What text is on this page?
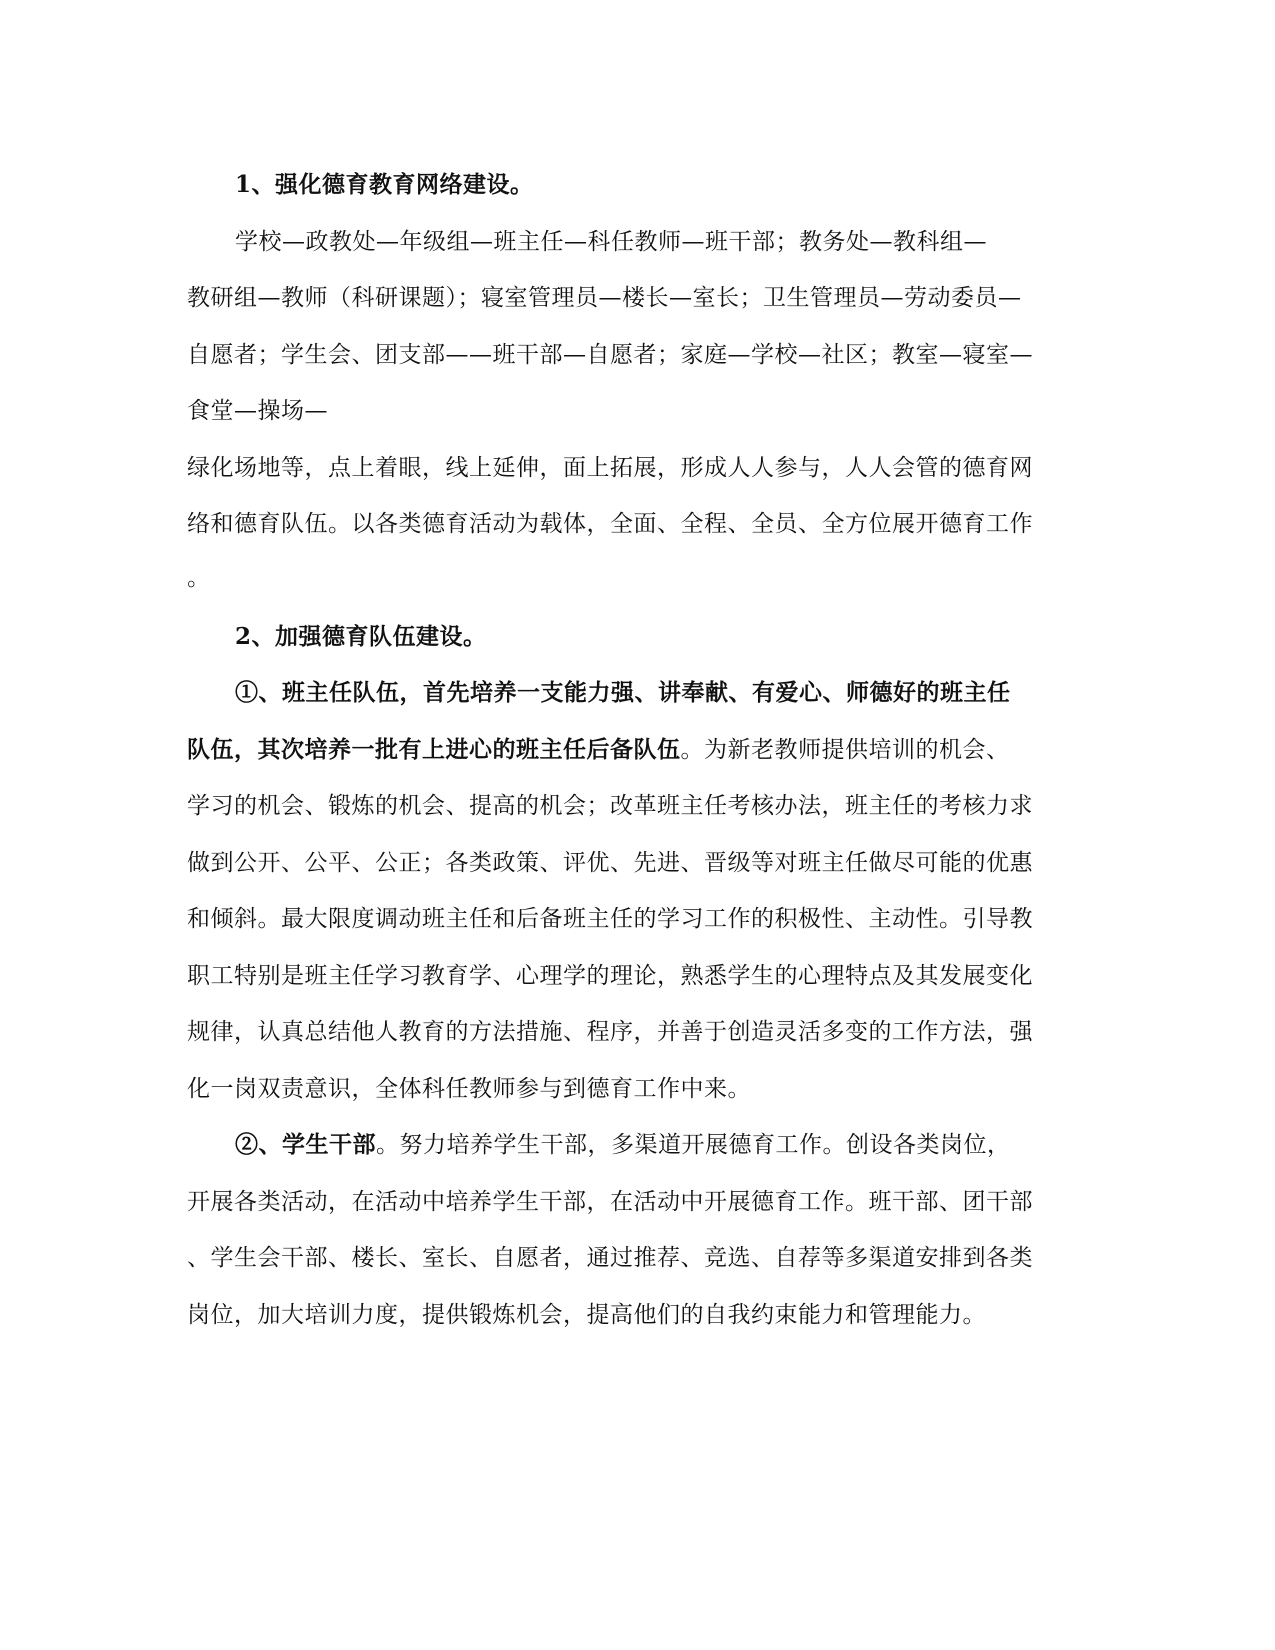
1、强化德育教育网络建设。
学校—政教处—年级组—班主任—科任教师—班干部；教务处—教科组—
教研组—教师（科研课题）；寝室管理员—楼长—室长；卫生管理员—劳动委员—
自愿者；学生会、团支部——班干部—自愿者；家庭—学校—社区；教室—寝室—
食堂—操场—
绿化场地等，点上着眼，线上延伸，面上拓展，形成人人参与，人人会管的德育网
络和德育队伍。以各类德育活动为载体，全面、全程、全员、全方位展开德育工作
。
2、加强德育队伍建设。
①、班主任队伍，首先培养一支能力强、讲奉献、有爱心、师德好的班主任
队伍，其次培养一批有上进心的班主任后备队伍。为新老教师提供培训的机会、
学习的机会、锻炼的机会、提高的机会；改革班主任考核办法，班主任的考核力求
做到公开、公平、公正；各类政策、评优、先进、晋级等对班主任做尽可能的优惠
和倾斜。最大限度调动班主任和后备班主任的学习工作的积极性、主动性。引导教
职工特别是班主任学习教育学、心理学的理论，熟悉学生的心理特点及其发展变化
规律，认真总结他人教育的方法措施、程序，并善于创造灵活多变的工作方法，强
化一岗双责意识，全体科任教师参与到德育工作中来。
②、学生干部。努力培养学生干部，多渠道开展德育工作。创设各类岗位，
开展各类活动，在活动中培养学生干部，在活动中开展德育工作。班干部、团干部
、学生会干部、楼长、室长、自愿者，通过推荐、竞选、自荐等多渠道安排到各类
岗位，加大培训力度，提供锻炼机会，提高他们的自我约束能力和管理能力。
